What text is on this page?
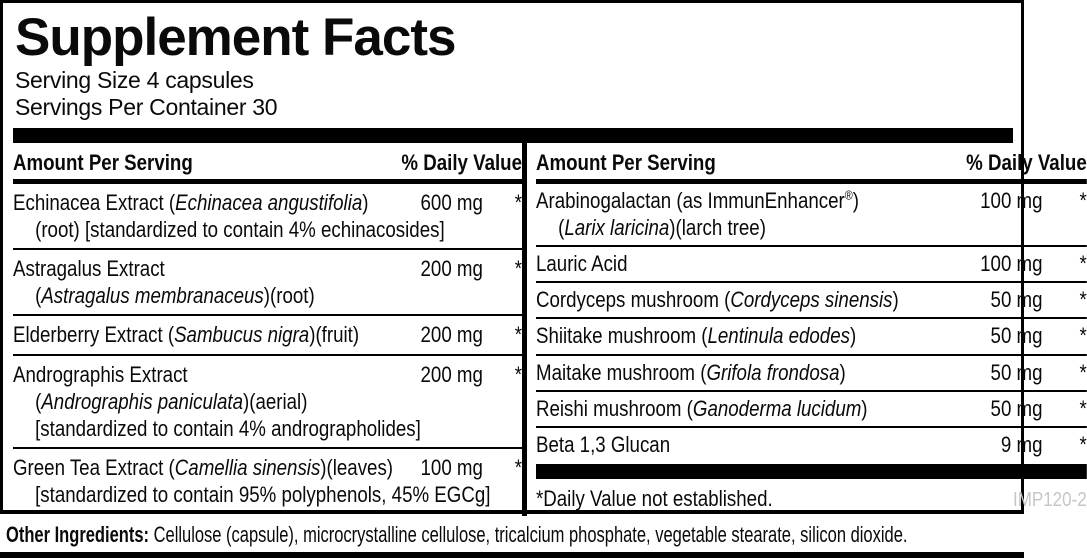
Supplement Facts
Serving Size 4 capsules
Servings Per Container 30
Amount Per Serving	% Daily Value
Echinacea Extract (Echinacea angustifolia)	600 mg	*
(root) [standardized to contain 4% echinacosides]
Astragalus Extract	200 mg	*
(Astragalus membranaceus)(root)
Elderberry Extract (Sambucus nigra)(fruit)	200 mg	*
Andrographis Extract	200 mg	*
(Andrographis paniculata)(aerial)
[standardized to contain 4% andrographolides]
Green Tea Extract (Camellia sinensis)(leaves)	100 mg	*
[standardized to contain 95% polyphenols, 45% EGCg]
Amount Per Serving	% Daily Value
Arabinogalactan (as ImmunEnhancer®)	100 mg	*
(Larix laricina)(larch tree)
Lauric Acid	100 mg	*
Cordyceps mushroom (Cordyceps sinensis)	50 mg	*
Shiitake mushroom (Lentinula edodes)	50 mg	*
Maitake mushroom (Grifola frondosa)	50 mg	*
Reishi mushroom (Ganoderma lucidum)	50 mg	*
Beta 1,3 Glucan	9 mg	*
*Daily Value not established.	IMP120-2
Other Ingredients: Cellulose (capsule), microcrystalline cellulose, tricalcium phosphate, vegetable stearate, silicon dioxide.
